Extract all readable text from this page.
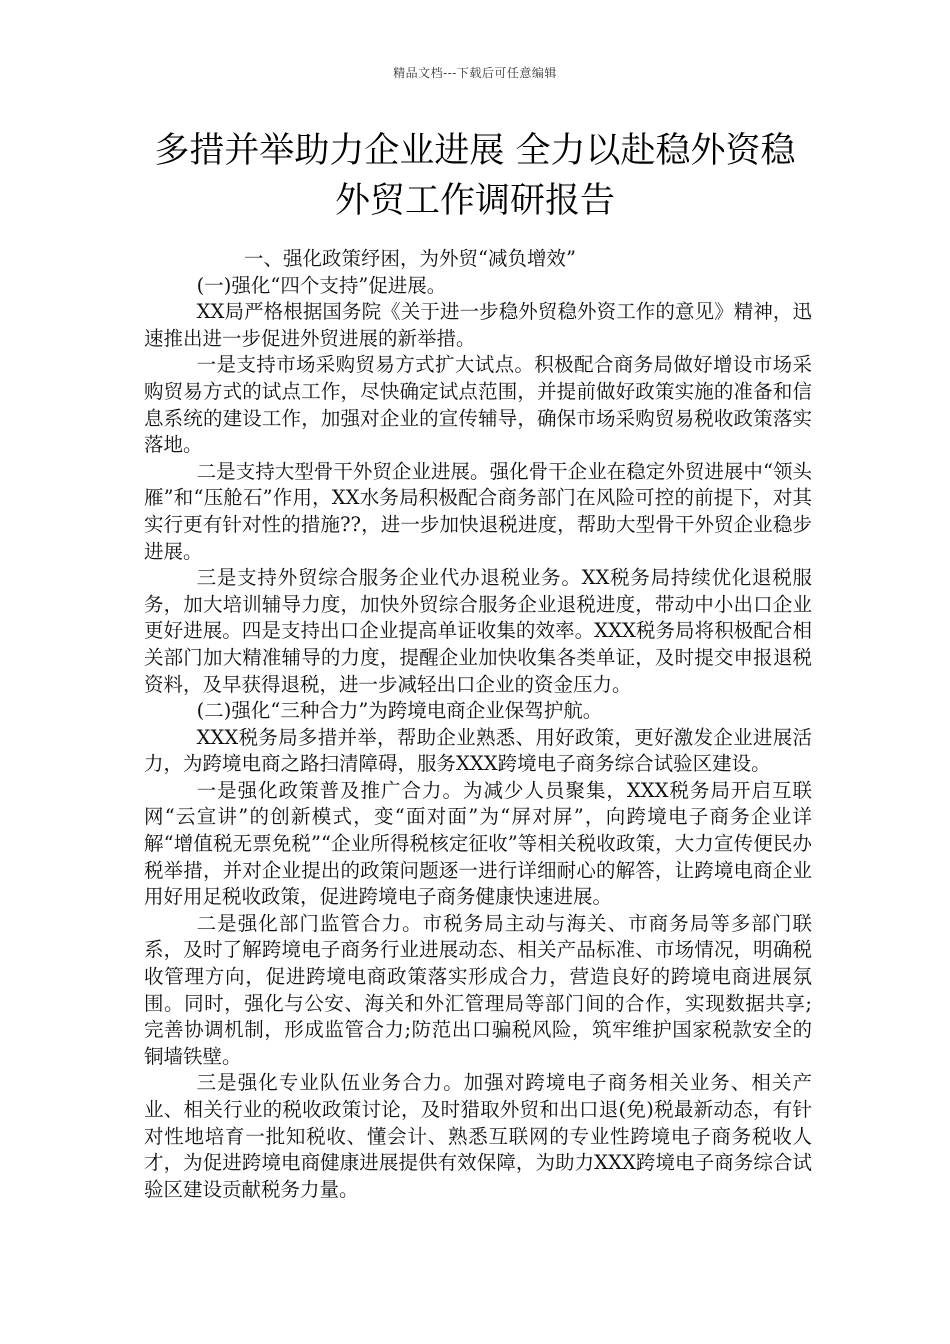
精品文档---下载后可任意编辑
多措并举助力企业进展 全力以赴稳外资稳
外贸工作调研报告

一、强化政策纾困，为外贸“减负增效”

(一)强化“四个支持”促进展。

XX局严格根据国务院《关于进一步稳外贸稳外资工作的意见》精神，迅速推出进一步促进外贸进展的新举措。

一是支持市场采购贸易方式扩大试点。积极配合商务局做好增设市场采购贸易方式的试点工作，尽快确定试点范围，并提前做好政策实施的准备和信息系统的建设工作，加强对企业的宣传辅导，确保市场采购贸易税收政策落实落地。

二是支持大型骨干外贸企业进展。强化骨干企业在稳定外贸进展中“领头雁”和“压舱石”作用，XX水务局积极配合商务部门在风险可控的前提下，对其实行更有针对性的措施??，进一步加快退税进度，帮助大型骨干外贸企业稳步进展。

三是支持外贸综合服务企业代办退税业务。XX税务局持续优化退税服务，加大培训辅导力度，加快外贸综合服务企业退税进度，带动中小出口企业更好进展。四是支持出口企业提高单证收集的效率。XXX税务局将积极配合相关部门加大精准辅导的力度，提醒企业加快收集各类单证，及时提交申报退税资料，及早获得退税，进一步减轻出口企业的资金压力。

(二)强化“三种合力”为跨境电商企业保驾护航。

XXX税务局多措并举，帮助企业熟悉、用好政策，更好激发企业进展活力，为跨境电商之路扫清障碍，服务XXX跨境电子商务综合试验区建设。

一是强化政策普及推广合力。为减少人员聚集，XXX税务局开启互联网“云宣讲”的创新模式，变“面对面”为“屏对屏”，向跨境电子商务企业详解“增值税无票免税”“企业所得税核定征收”等相关税收政策，大力宣传便民办税举措，并对企业提出的政策问题逐一进行详细耐心的解答，让跨境电商企业用好用足税收政策，促进跨境电子商务健康快速进展。

二是强化部门监管合力。市税务局主动与海关、市商务局等多部门联系，及时了解跨境电子商务行业进展动态、相关产品标准、市场情况，明确税收管理方向，促进跨境电商政策落实形成合力，营造良好的跨境电商进展氛围。同时，强化与公安、海关和外汇管理局等部门间的合作，实现数据共享;完善协调机制，形成监管合力;防范出口骗税风险，筑牢维护国家税款安全的铜墙铁壁。

三是强化专业队伍业务合力。加强对跨境电子商务相关业务、相关产业、相关行业的税收政策讨论，及时猎取外贸和出口退(免)税最新动态，有针对性地培育一批知税收、懂会计、熟悉互联网的专业性跨境电子商务税收人才，为促进跨境电商健康进展提供有效保障，为助力XXX跨境电子商务综合试验区建设贡献税务力量。
